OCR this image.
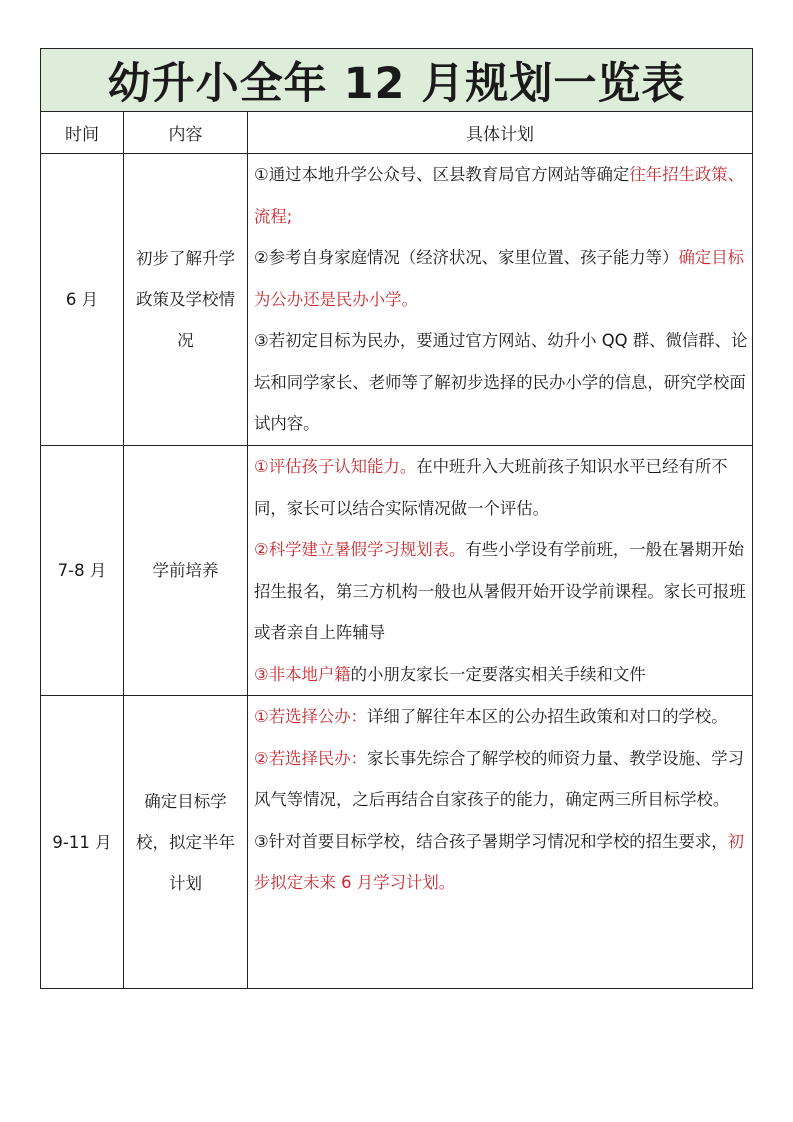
幼升小全年 12 月规划一览表		
时间	内容	具体计划
6 月	初步了解升学政策及学校情况	①通过本地升学公众号、区县教育局官方网站等确定往年招生政策、流程;

②参考自身家庭情况（经济状况、家里位置、孩子能力等）确定目标为公办还是民办小学。

③若初定目标为民办，要通过官方网站、幼升小 QQ 群、微信群、论坛和同学家长、老师等了解初步选择的民办小学的信息，研究学校面试内容。

7-8 月	学前培养	①评估孩子认知能力。在中班升入大班前孩子知识水平已经有所不同，家长可以结合实际情况做一个评估。

②科学建立暑假学习规划表。有些小学设有学前班，一般在暑期开始招生报名，第三方机构一般也从暑假开始开设学前课程。家长可报班或者亲自上阵辅导

③非本地户籍的小朋友家长一定要落实相关手续和文件

9-11 月	确定目标学校，拟定半年计划	①若选择公办：详细了解往年本区的公办招生政策和对口的学校。

②若选择民办：家长事先综合了解学校的师资力量、教学设施、学习风气等情况，之后再结合自家孩子的能力，确定两三所目标学校。

③针对首要目标学校，结合孩子暑期学习情况和学校的招生要求，初步拟定未来 6 月学习计划。
